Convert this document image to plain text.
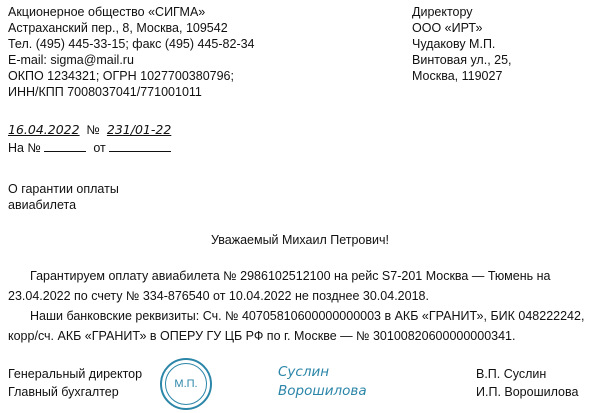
Акционерное общество «СИГМА»
Астраханский пер., 8, Москва, 109542
Тел. (495) 445-33-15; факс (495) 445-82-34
E-mail: sigma@mail.ru
ОКПО 1234321; ОГРН 1027700380796;
ИНН/КПП 7008037041/771001011
Директору
ООО «ИРТ»
Чудакову М.П.
Винтовая ул., 25,
Москва, 119027
16.04.2022 № 231/01-22
На №	от
О гарантии оплаты
авиабилета
Уважаемый Михаил Петрович!

Гарантируем оплату авиабилета № 2986102512100 на рейс S7-201 Москва — Тюмень на 23.04.2022 по счету № 334-876540 от 10.04.2022 не позднее 30.04.2018.

Наши банковские реквизиты: Сч. № 40705810600000000003 в АКБ «ГРАНИТ», БИК 048222242, корр/сч. АКБ «ГРАНИТ» в ОПЕРУ ГУ ЦБ РФ по г. Москве — № 30100820600000000341.

Генеральный директор
Главный бухгалтер
М.П.
Суслин
Ворошилова
В.П. Суслин
И.П. Ворошилова
